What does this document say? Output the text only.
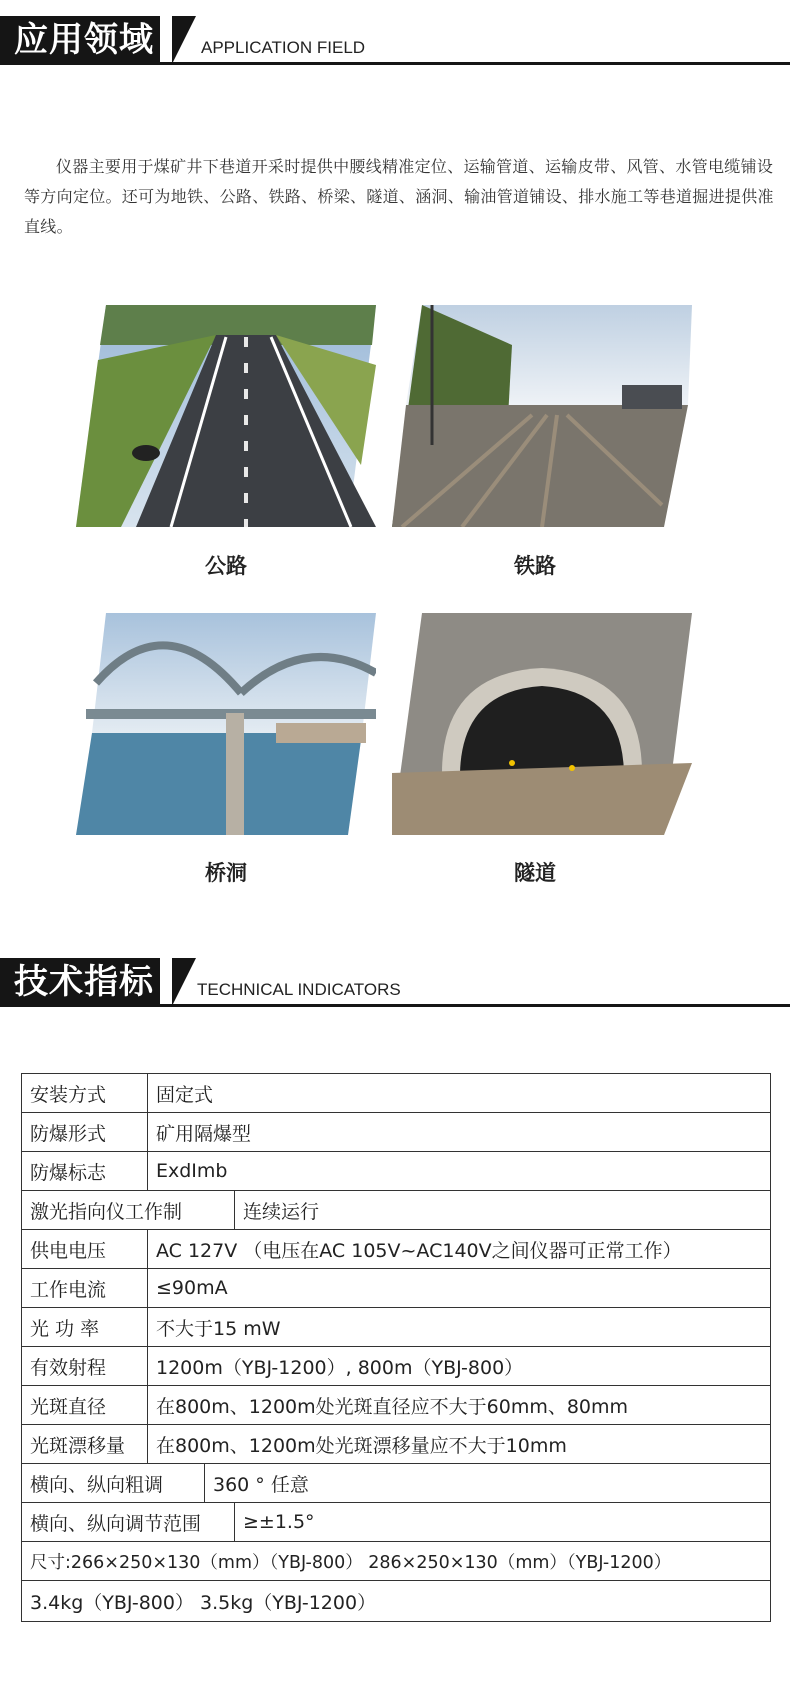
应用领域	APPLICATION FIELD

仪器主要用于煤矿井下巷道开采时提供中腰线精准定位、运输管道、运输皮带、风管、水管电缆铺设等方向定位。还可为地铁、公路、铁路、桥梁、隧道、涵洞、输油管道铺设、排水施工等巷道掘进提供准直线。

公路	铁路
桥洞	隧道
技术指标	TECHNICAL INDICATORS
安装方式	固定式
防爆形式	矿用隔爆型
防爆标志	ExdImb

激光指向仪工作制	连续运行

供电电压	AC 127V （电压在AC 105V~AC140V之间仪器可正常工作）
工作电流	≤90mA
光 功 率	不大于15 mW
有效射程	1200m（YBJ-1200）, 800m（YBJ-800）
光斑直径	在800m、1200m处光斑直径应不大于60mm、80mm
光斑漂移量	在800m、1200m处光斑漂移量应不大于10mm

横向、纵向粗调	360 ° 任意

横向、纵向调节范围	≥±1.5°

尺寸:266×250×130（mm）（YBJ-800） 286×250×130（mm）（YBJ-1200）
3.4kg（YBJ-800） 3.5kg（YBJ-1200）
